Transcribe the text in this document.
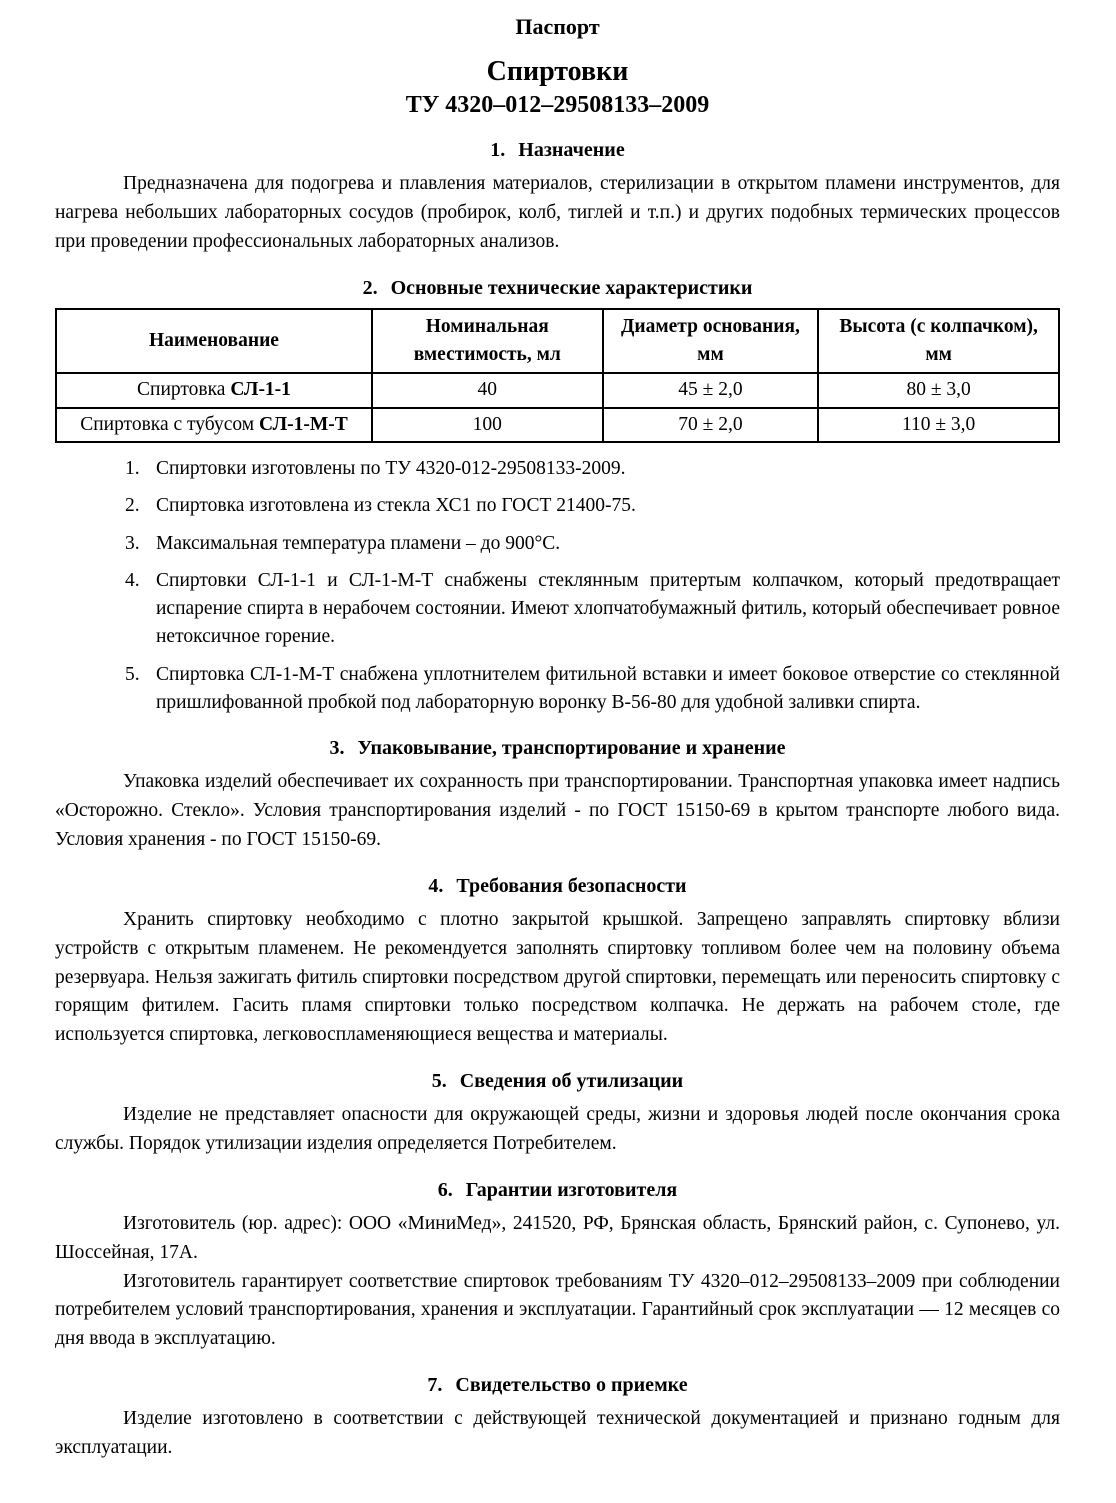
Паспорт
Спиртовки
ТУ 4320–012–29508133–2009
1. Назначение

Предназначена для подогрева и плавления материалов, стерилизации в открытом пламени инструментов, для нагрева небольших лабораторных сосудов (пробирок, колб, тиглей и т.п.) и других подобных термических процессов при проведении профессиональных лабораторных анализов.

2. Основные технические характеристики
Наименование	Номинальная вместимость, мл	Диаметр основания, мм	Высота (с колпачком), мм
Спиртовка СЛ-1-1	40	45 ± 2,0	80 ± 3,0
Спиртовка с тубусом СЛ-1-М-Т	100	70 ± 2,0	110 ± 3,0
1. Спиртовки изготовлены по ТУ 4320-012-29508133-2009.
2. Спиртовка изготовлена из стекла ХС1 по ГОСТ 21400-75.
3. Максимальная температура пламени – до 900°С.
4. Спиртовки СЛ-1-1 и СЛ-1-М-Т снабжены стеклянным притертым колпачком, который предотвращает испарение спирта в нерабочем состоянии. Имеют хлопчатобумажный фитиль, который обеспечивает ровное нетоксичное горение.
5. Спиртовка СЛ-1-М-Т снабжена уплотнителем фитильной вставки и имеет боковое отверстие со стеклянной пришлифованной пробкой под лабораторную воронку В-56-80 для удобной заливки спирта.
3. Упаковывание, транспортирование и хранение

Упаковка изделий обеспечивает их сохранность при транспортировании. Транспортная упаковка имеет надпись «Осторожно. Стекло». Условия транспортирования изделий - по ГОСТ 15150-69 в крытом транспорте любого вида. Условия хранения - по ГОСТ 15150-69.

4. Требования безопасности

Хранить спиртовку необходимо с плотно закрытой крышкой. Запрещено заправлять спиртовку вблизи устройств с открытым пламенем. Не рекомендуется заполнять спиртовку топливом более чем на половину объема резервуара. Нельзя зажигать фитиль спиртовки посредством другой спиртовки, перемещать или переносить спиртовку с горящим фитилем. Гасить пламя спиртовки только посредством колпачка. Не держать на рабочем столе, где используется спиртовка, легковоспламеняющиеся вещества и материалы.

5. Сведения об утилизации

Изделие не представляет опасности для окружающей среды, жизни и здоровья людей после окончания срока службы. Порядок утилизации изделия определяется Потребителем.

6. Гарантии изготовителя

Изготовитель (юр. адрес): ООО «МиниМед», 241520, РФ, Брянская область, Брянский район, с. Супонево, ул. Шоссейная, 17А.

Изготовитель гарантирует соответствие спиртовок требованиям ТУ 4320–012–29508133–2009 при соблюдении потребителем условий транспортирования, хранения и эксплуатации. Гарантийный срок эксплуатации — 12 месяцев со дня ввода в эксплуатацию.

7. Свидетельство о приемке

Изделие изготовлено в соответствии с действующей технической документацией и признано годным для эксплуатации.
